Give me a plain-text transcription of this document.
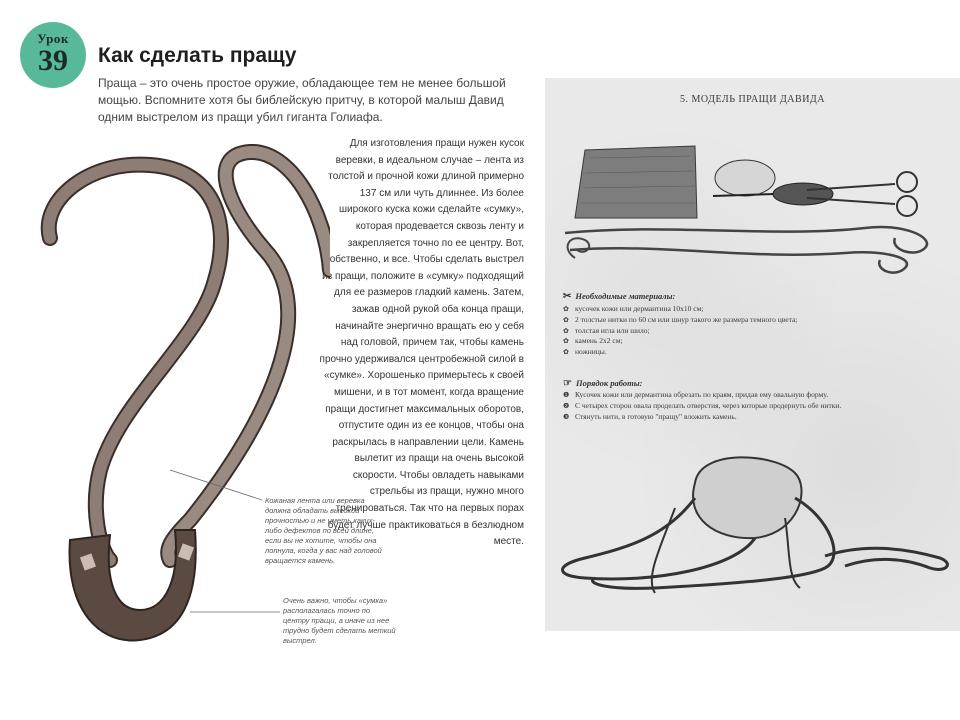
Урок
39	Как сделать пращу
Праща – это очень простое оружие, обладающее тем не менее большой мощью. Вспомните хотя бы библейскую притчу, в которой малыш Давид одним выстрелом из пращи убил гиганта Голиафа.

Для изготовления пращи нужен кусок веревки, в идеальном случае – лента из толстой и прочной кожи длиной примерно 137 см или чуть длиннее. Из более широкого куска кожи сделайте «сумку», которая продевается сквозь ленту и закрепляется точно по ее центру. Вот, собственно, и все. Чтобы сделать выстрел из пращи, положите в «сумку» подходящий для ее размеров гладкий камень. Затем, зажав одной рукой оба конца пращи, начинайте энергично вращать ею у себя над головой, причем так, чтобы камень прочно удерживался центробежной силой в «сумке». Хорошенько примерьтесь к своей мишени, и в тот момент, когда вращение пращи достигнет максимальных оборотов, отпустите один из ее концов, чтобы она раскрылась в направлении цели. Камень вылетит из пращи на очень высокой скорости. Чтобы овладеть навыками стрельбы из пращи, нужно много тренироваться. Так что на первых порах будет лучше практиковаться в безлюдном месте.

Кожаная лента или веревка должна обладать высокой прочностью и не иметь каких-либо дефектов по всей длине, если вы не хотите, чтобы она лопнула, когда у вас над головой вращается камень.
Очень важно, чтобы «сумка» располагалась точно по центру пращи, а иначе из нее трудно будет сделать меткий выстрел.
5. МОДЕЛЬ ПРАЩИ ДАВИДА
✂ Необходимые материалы:
✿ кусочек кожи или дермантина 10х10 см;
✿ 2 толстые нитки по 60 см или шнур такого же размера темного цвета;
✿ толстая игла или шило;
✿ камень 2х2 см;
✿ ножницы.
☞ Порядок работы:
❶ Кусочек кожи или дермантина обрезать по краям, придав ему овальную форму.
❷ С четырех сторон овала проделать отверстия, через которые продернуть обе нитки.
❸ Стянуть нити, в готовую "пращу" вложить камень.
